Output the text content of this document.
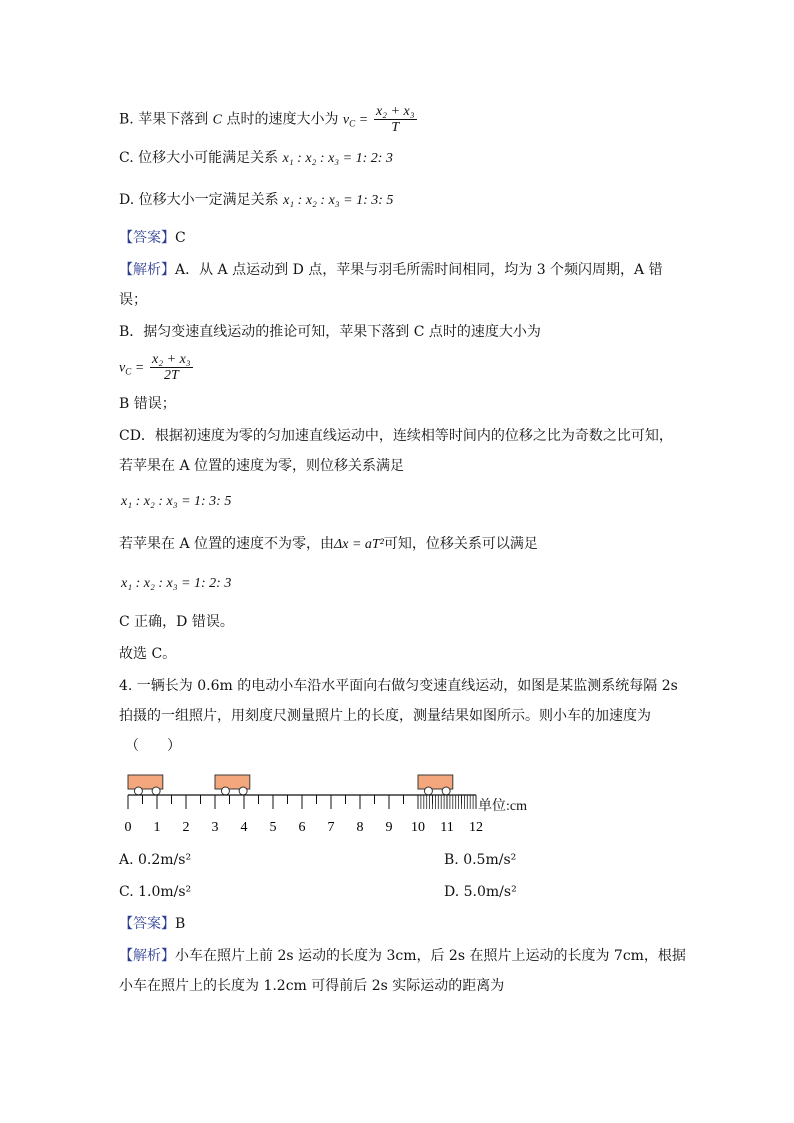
B. 苹果下落到 C 点时的速度大小为 $v_C = \frac{\text{x₂ + x₃}}{T}$
C. 位移大小可能满足关系 x₁ : x₂ : x₃ = 1: 2: 3
D. 位移大小一定满足关系 x₁ : x₂ : x₃ = 1: 3: 5
【答案】C
【解析】A．从 A 点运动到 D 点，苹果与羽毛所需时间相同，均为 3 个频闪周期，A 错
误；
B．据匀变速直线运动的推论可知，苹果下落到 C 点时的速度大小为
$v_C = \frac{\text{x₂ + x₃}}{2T}$
B 错误；
CD．根据初速度为零的匀加速直线运动中，连续相等时间内的位移之比为奇数之比可知，
若苹果在 A 位置的速度为零，则位移关系满足
x₁ : x₂ : x₃ = 1: 3: 5
若苹果在 A 位置的速度不为零，由Δx = aT²可知，位移关系可以满足
x₁ : x₂ : x₃ = 1: 2: 3
C 正确，D 错误。
故选 C。
4. 一辆长为 0.6m 的电动小车沿水平面向右做匀变速直线运动，如图是某监测系统每隔 2s
拍摄的一组照片，用刻度尺测量照片上的长度，测量结果如图所示。则小车的加速度为
（　　）
0 1 2 3 4 5 6 7 8 9 10 11 12
单位:cm
A. 0.2m/s²	B. 0.5m/s²
C. 1.0m/s²	D. 5.0m/s²
【答案】B
【解析】小车在照片上前 2s 运动的长度为 3cm，后 2s 在照片上运动的长度为 7cm，根据
小车在照片上的长度为 1.2cm 可得前后 2s 实际运动的距离为
